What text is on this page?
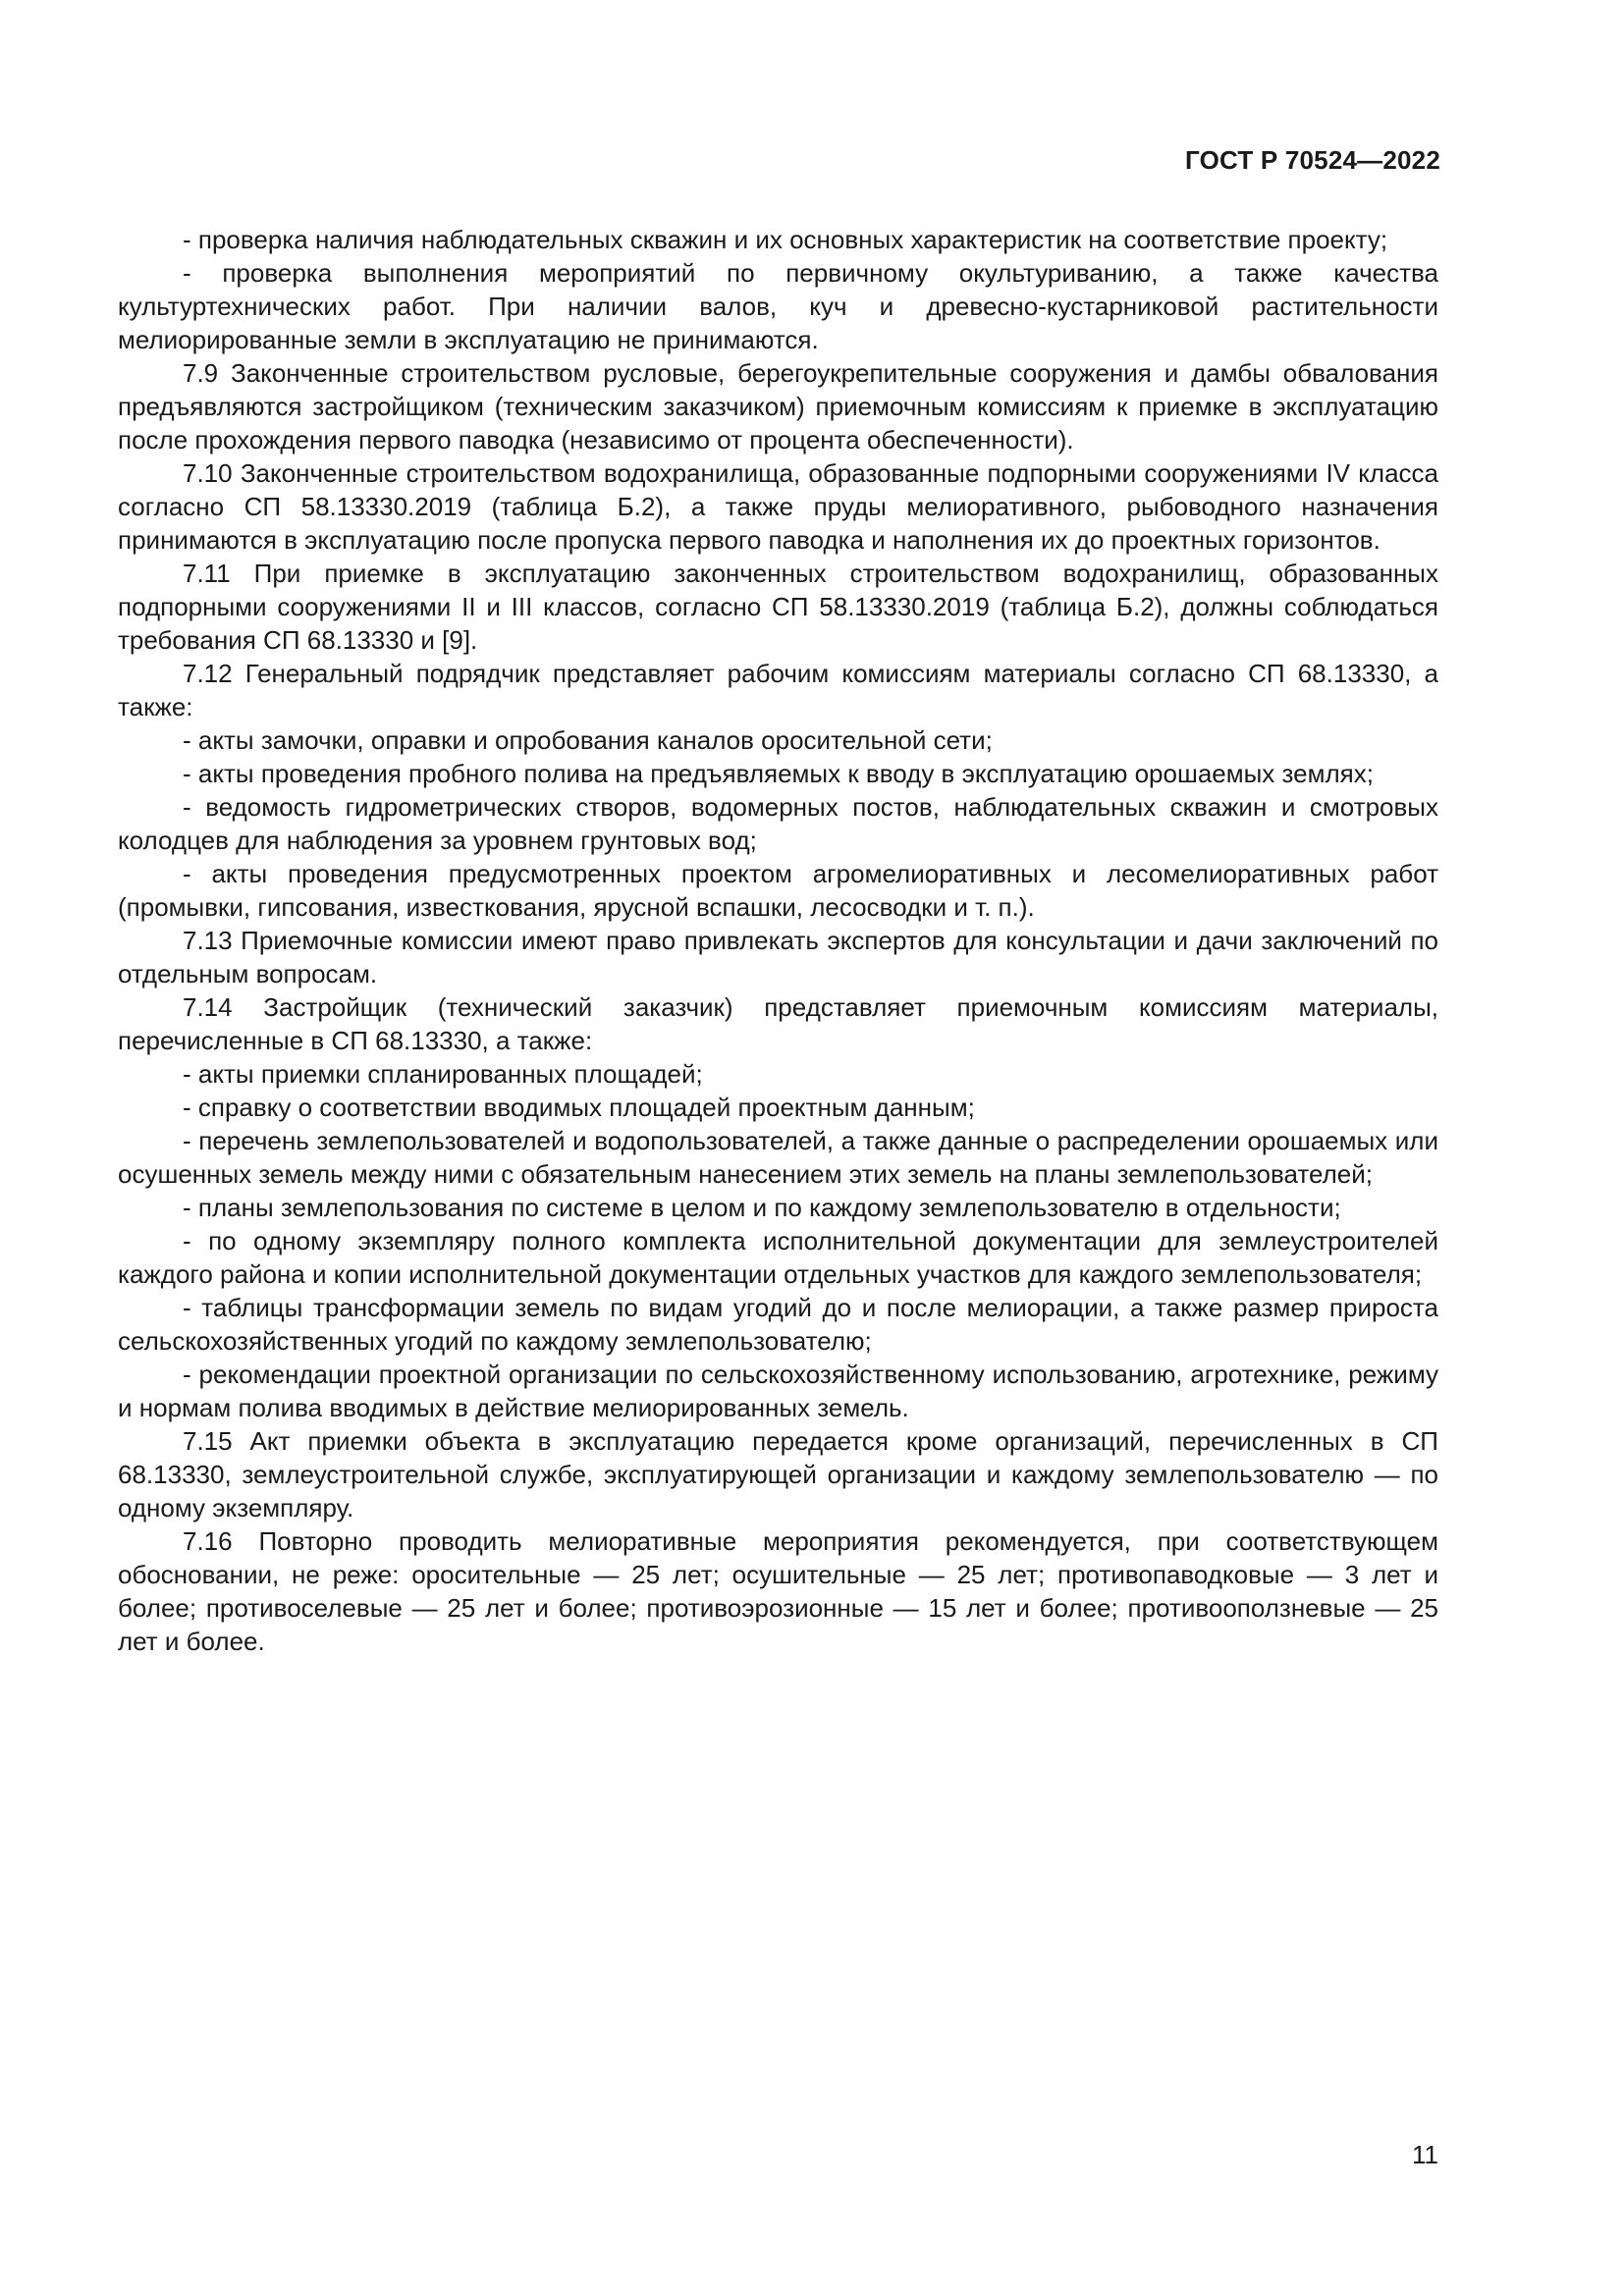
ГОСТ Р 70524—2022

- проверка наличия наблюдательных скважин и их основных характеристик на соответствие проекту;

- проверка выполнения мероприятий по первичному окультуриванию, а также качества культуртехнических работ. При наличии валов, куч и древесно-кустарниковой растительности мелиорированные земли в эксплуатацию не принимаются.

7.9 Законченные строительством русловые, берегоукрепительные сооружения и дамбы обвалования предъявляются застройщиком (техническим заказчиком) приемочным комиссиям к приемке в эксплуатацию после прохождения первого паводка (независимо от процента обеспеченности).

7.10 Законченные строительством водохранилища, образованные подпорными сооружениями IV класса согласно СП 58.13330.2019 (таблица Б.2), а также пруды мелиоративного, рыбоводного назначения принимаются в эксплуатацию после пропуска первого паводка и наполнения их до проектных горизонтов.

7.11 При приемке в эксплуатацию законченных строительством водохранилищ, образованных подпорными сооружениями II и III классов, согласно СП 58.13330.2019 (таблица Б.2), должны соблюдаться требования СП 68.13330 и [9].

7.12 Генеральный подрядчик представляет рабочим комиссиям материалы согласно СП 68.13330, а также:

- акты замочки, оправки и опробования каналов оросительной сети;

- акты проведения пробного полива на предъявляемых к вводу в эксплуатацию орошаемых землях;

- ведомость гидрометрических створов, водомерных постов, наблюдательных скважин и смотровых колодцев для наблюдения за уровнем грунтовых вод;

- акты проведения предусмотренных проектом агромелиоративных и лесомелиоративных работ (промывки, гипсования, известкования, ярусной вспашки, лесосводки и т. п.).

7.13 Приемочные комиссии имеют право привлекать экспертов для консультации и дачи заключений по отдельным вопросам.

7.14 Застройщик (технический заказчик) представляет приемочным комиссиям материалы, перечисленные в СП 68.13330, а также:

- акты приемки спланированных площадей;

- справку о соответствии вводимых площадей проектным данным;

- перечень землепользователей и водопользователей, а также данные о распределении орошаемых или осушенных земель между ними с обязательным нанесением этих земель на планы землепользователей;

- планы землепользования по системе в целом и по каждому землепользователю в отдельности;

- по одному экземпляру полного комплекта исполнительной документации для землеустроителей каждого района и копии исполнительной документации отдельных участков для каждого землепользователя;

- таблицы трансформации земель по видам угодий до и после мелиорации, а также размер прироста сельскохозяйственных угодий по каждому землепользователю;

- рекомендации проектной организации по сельскохозяйственному использованию, агротехнике, режиму и нормам полива вводимых в действие мелиорированных земель.

7.15 Акт приемки объекта в эксплуатацию передается кроме организаций, перечисленных в СП 68.13330, землеустроительной службе, эксплуатирующей организации и каждому землепользователю — по одному экземпляру.

7.16 Повторно проводить мелиоративные мероприятия рекомендуется, при соответствующем обосновании, не реже: оросительные — 25 лет; осушительные — 25 лет; противопаводковые — 3 лет и более; противоселевые — 25 лет и более; противоэрозионные — 15 лет и более; противооползневые — 25 лет и более.

11
